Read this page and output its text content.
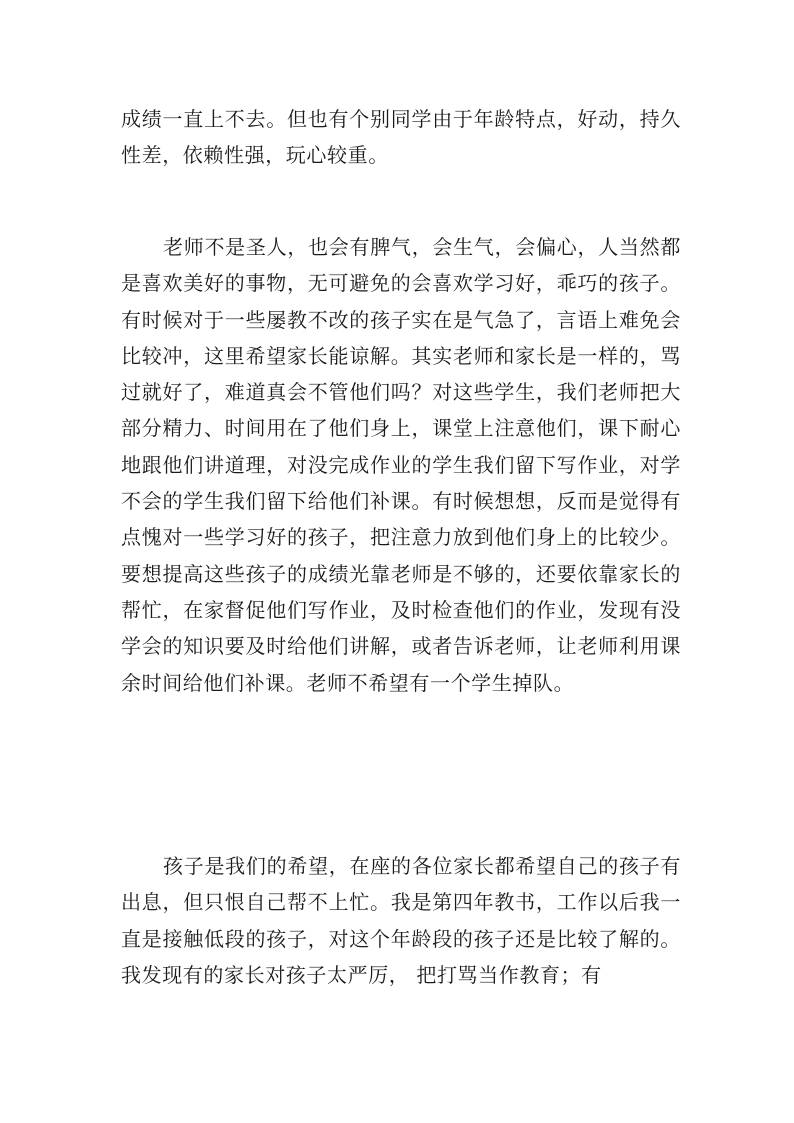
成绩一直上不去。但也有个别同学由于年龄特点，好动，持久性差，依赖性强，玩心较重。

老师不是圣人，也会有脾气，会生气，会偏心，人当然都是喜欢美好的事物，无可避免的会喜欢学习好，乖巧的孩子。有时候对于一些屡教不改的孩子实在是气急了，言语上难免会比较冲，这里希望家长能谅解。其实老师和家长是一样的，骂过就好了，难道真会不管他们吗？对这些学生，我们老师把大部分精力、时间用在了他们身上，课堂上注意他们，课下耐心地跟他们讲道理，对没完成作业的学生我们留下写作业，对学不会的学生我们留下给他们补课。有时候想想，反而是觉得有点愧对一些学习好的孩子，把注意力放到他们身上的比较少。要想提高这些孩子的成绩光靠老师是不够的，还要依靠家长的帮忙，在家督促他们写作业，及时检查他们的作业，发现有没学会的知识要及时给他们讲解，或者告诉老师，让老师利用课余时间给他们补课。老师不希望有一个学生掉队。

孩子是我们的希望，在座的各位家长都希望自己的孩子有出息，但只恨自己帮不上忙。我是第四年教书，工作以后我一直是接触低段的孩子，对这个年龄段的孩子还是比较了解的。我发现有的家长对孩子太严厉， 把打骂当作教育；有
